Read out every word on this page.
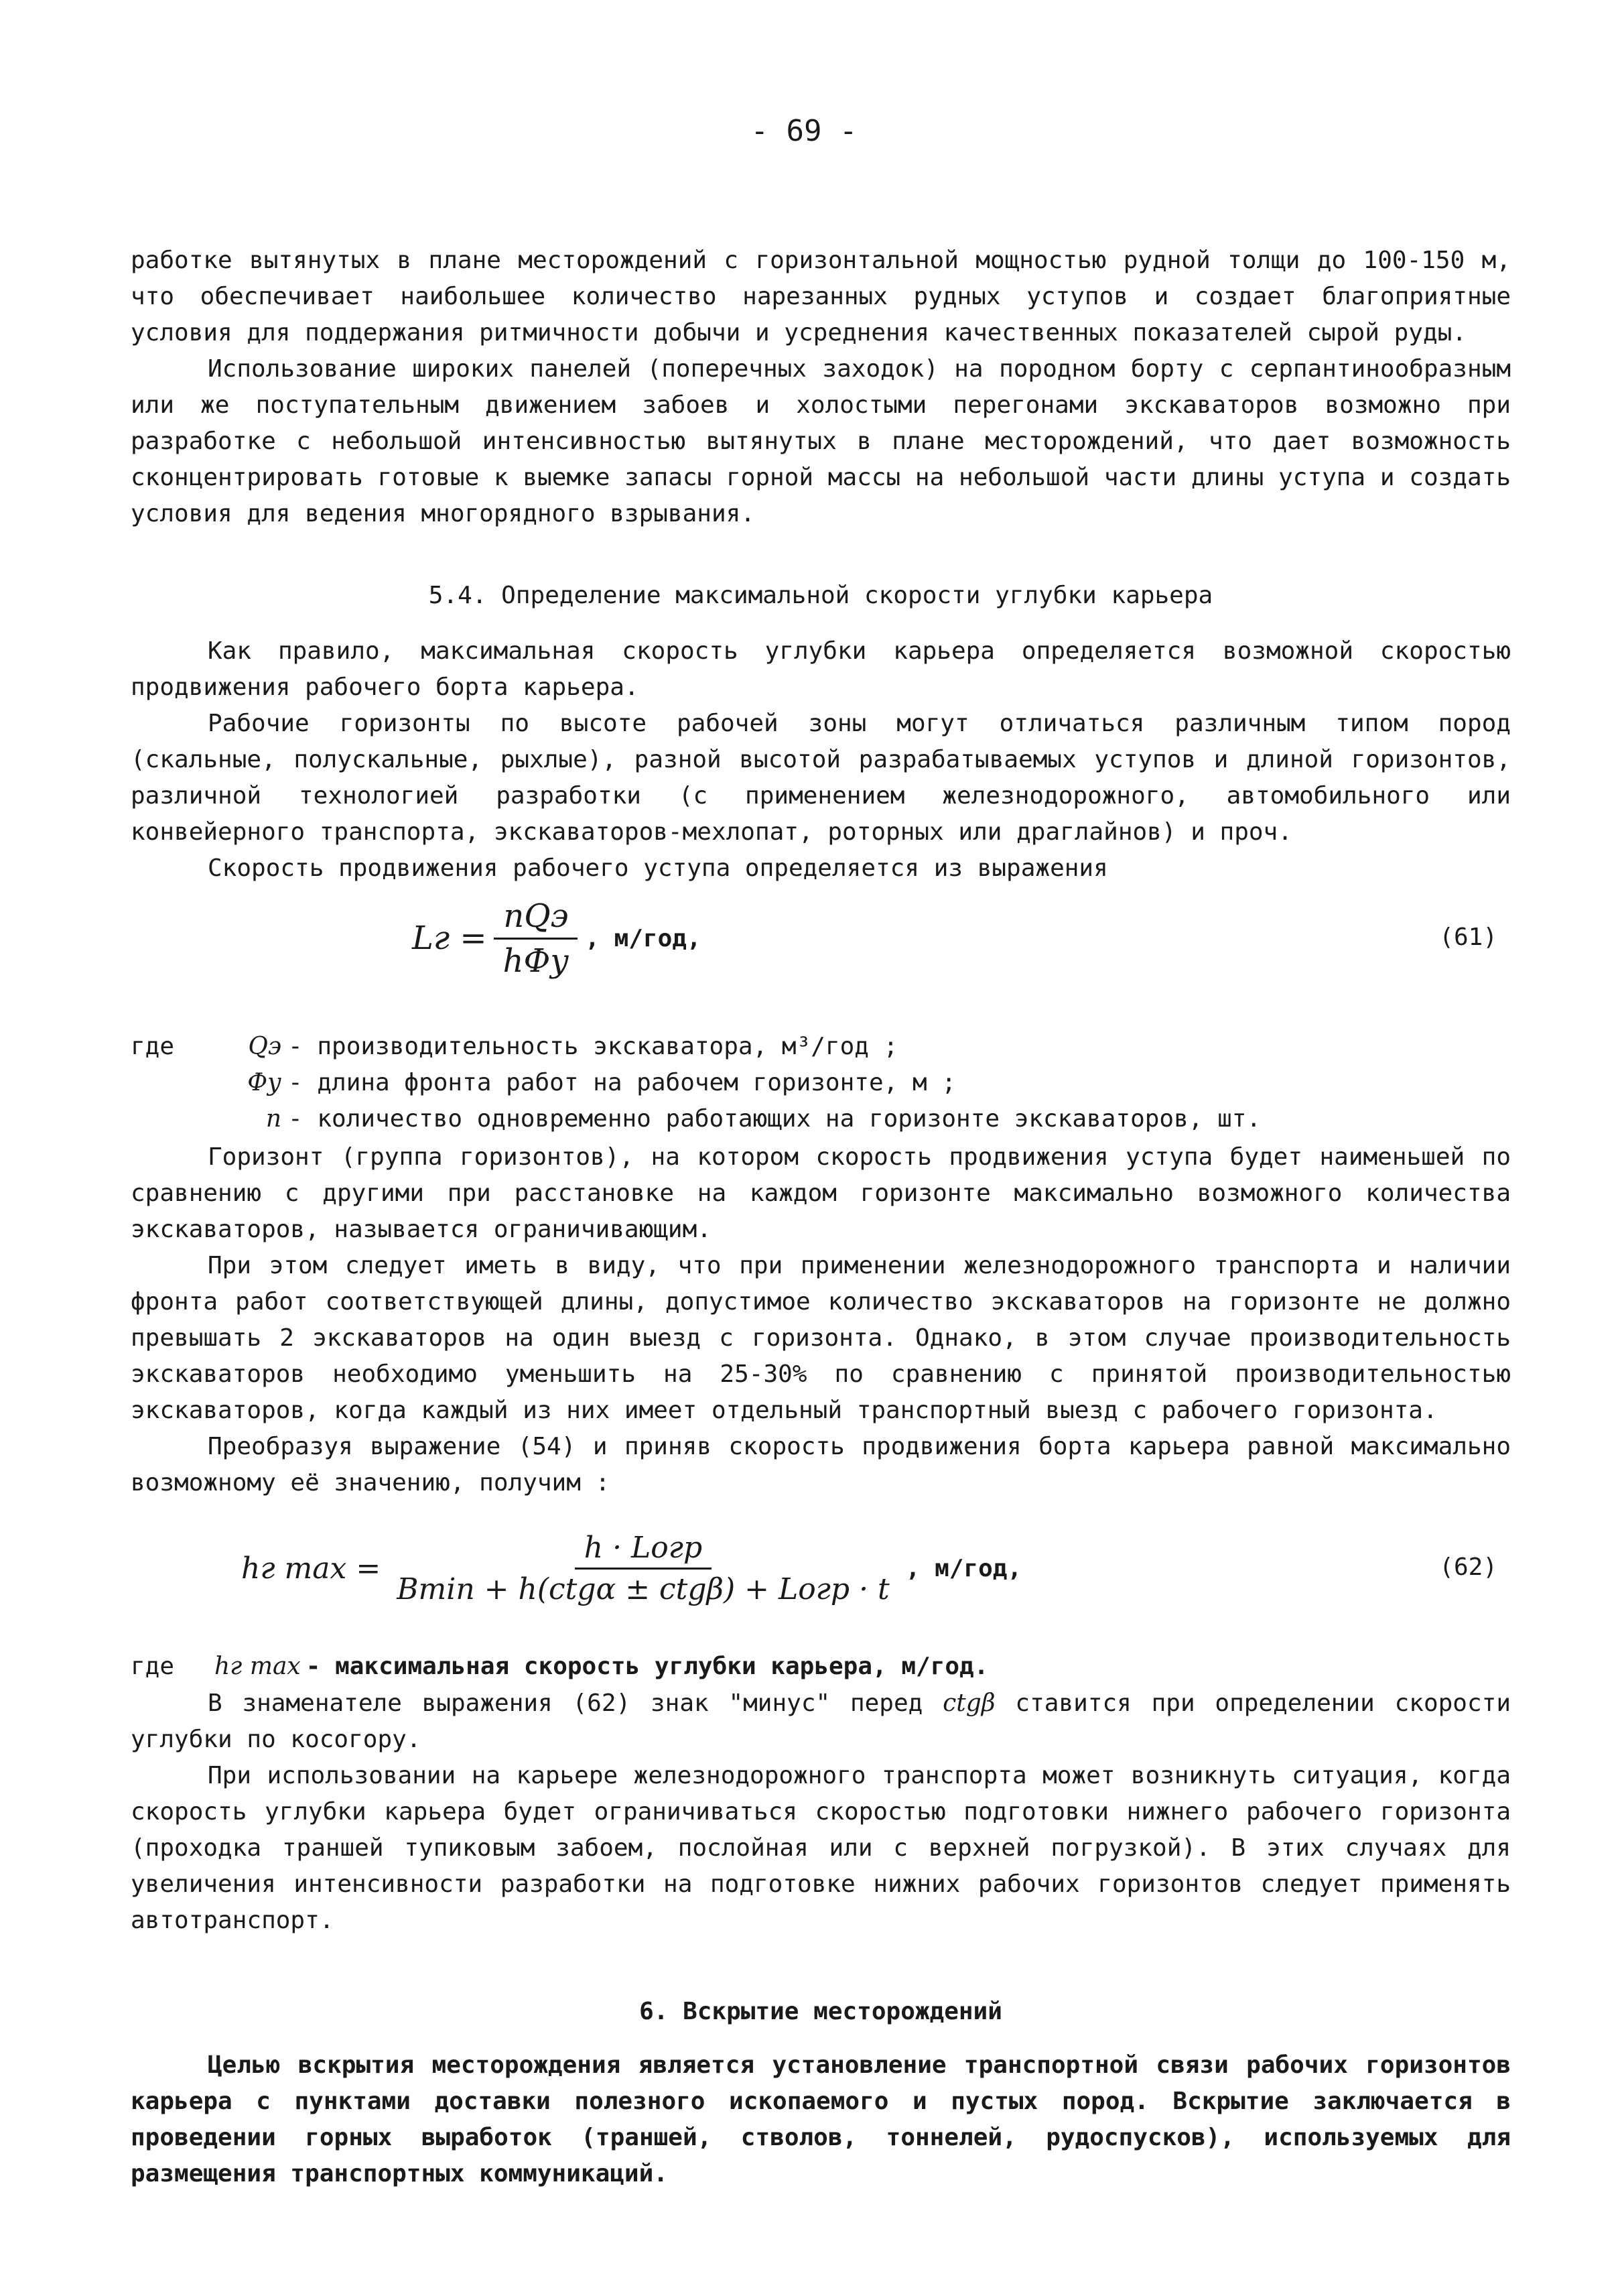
- 69 -

работке вытянутых в плане месторождений с горизонтальной мощностью рудной толщи до 100-150 м, что обеспечивает наибольшее количество нарезанных рудных уступов и создает благоприятные условия для поддержания ритмичности добычи и усреднения качественных показателей сырой руды.

Использование широких панелей (поперечных заходок) на породном борту с серпантинообразным или же поступательным движением забоев и холостыми перегонами экскаваторов возможно при разработке с небольшой интенсивностью вытянутых в плане месторождений, что дает возможность сконцентрировать готовые к выемке запасы горной массы на небольшой части длины уступа и создать условия для ведения многорядного взрывания.

5.4. Определение максимальной скорости углубки карьера

Как правило, максимальная скорость углубки карьера определяется возможной скоростью продвижения рабочего борта карьера.

Рабочие горизонты по высоте рабочей зоны могут отличаться различным типом пород (скальные, полускальные, рыхлые), разной высотой разрабатываемых уступов и длиной горизонтов, различной технологией разработки (с применением железнодорожного, автомобильного или конвейерного транспорта, экскаваторов-мехлопат, роторных или драглайнов) и проч.

Скорость продвижения рабочего уступа определяется из выражения

Lг = $\frac{\text{nQэ}}{\text{hФу}}$ , м/год,	(61)
где	Qэ - производительность экскаватора, м³/год ;
Фу - длина фронта работ на рабочем горизонте, м ;
n - количество одновременно работающих на горизонте экскаваторов, шт.

Горизонт (группа горизонтов), на котором скорость продвижения уступа будет наименьшей по сравнению с другими при расстановке на каждом горизонте максимально возможного количества экскаваторов, называется ограничивающим.

При этом следует иметь в виду, что при применении железнодорожного транспорта и наличии фронта работ соответствующей длины, допустимое количество экскаваторов на горизонте не должно превышать 2 экскаваторов на один выезд с горизонта. Однако, в этом случае производительность экскаваторов необходимо уменьшить на 25-30% по сравнению с принятой производительностью экскаваторов, когда каждый из них имеет отдельный транспортный выезд с рабочего горизонта.

Преобразуя выражение (54) и приняв скорость продвижения борта карьера равной максимально возможному её значению, получим :

hг $\max = \frac{\text{h · Lогр}}{\text{Bmin + h(ctgα ± ctgβ) + Lогр · t}}$ , м/год,	(62)
где	hг max - максимальная скорость углубки карьера, м/год.

В знаменателе выражения (62) знак "минус" перед ctgβ ставится при определении скорости углубки по косогору.

При использовании на карьере железнодорожного транспорта может возникнуть ситуация, когда скорость углубки карьера будет ограничиваться скоростью подготовки нижнего рабочего горизонта (проходка траншей тупиковым забоем, послойная или с верхней погрузкой). В этих случаях для увеличения интенсивности разработки на подготовке нижних рабочих горизонтов следует применять автотранспорт.

6. Вскрытие месторождений

Целью вскрытия месторождения является установление транспортной связи рабочих горизонтов карьера с пунктами доставки полезного ископаемого и пустых пород. Вскрытие заключается в проведении горных выработок (траншей, стволов, тоннелей, рудоспусков), используемых для размещения транспортных коммуникаций.
